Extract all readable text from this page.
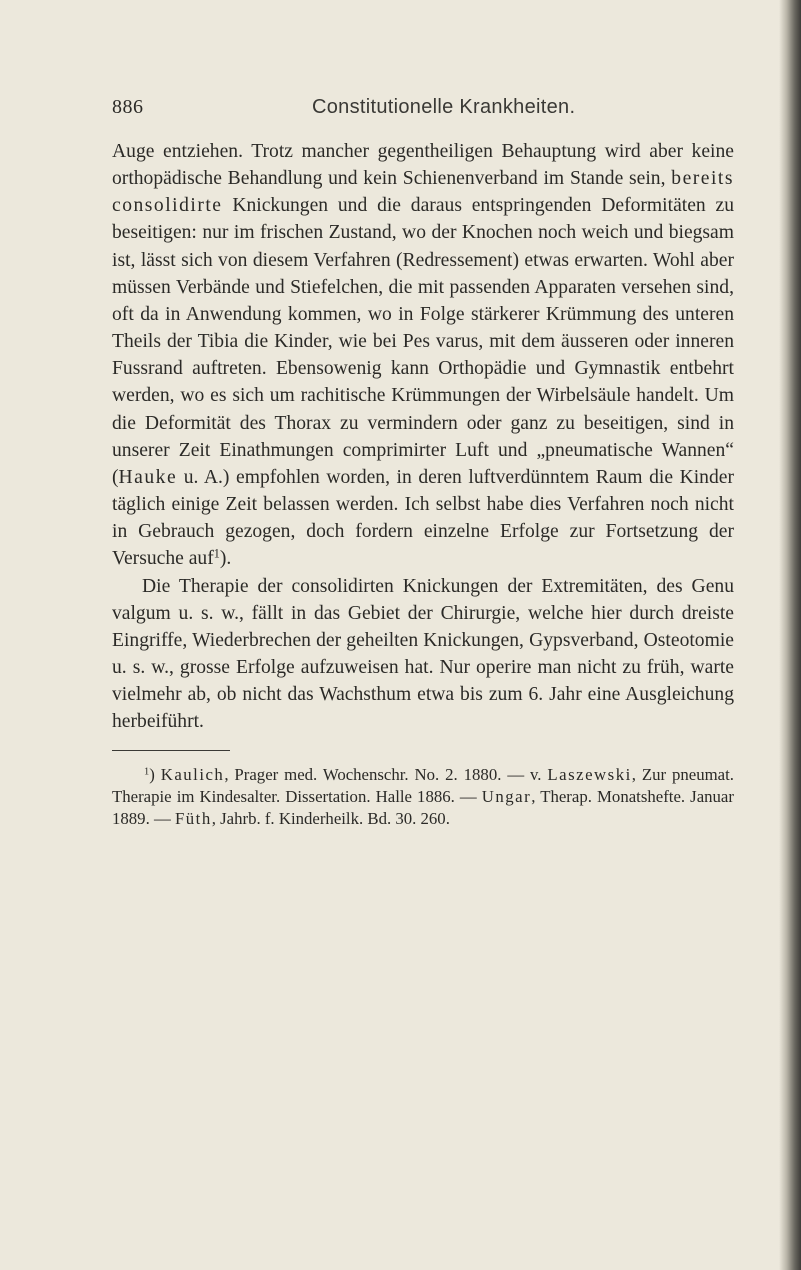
886	Constitutionelle Krankheiten.

Auge entziehen. Trotz mancher gegentheiligen Behauptung wird aber keine orthopädische Behandlung und kein Schienenverband im Stande sein, bereits consolidirte Knickungen und die daraus entspringenden Deformitäten zu beseitigen: nur im frischen Zustand, wo der Knochen noch weich und biegsam ist, lässt sich von diesem Verfahren (Redressement) etwas erwarten. Wohl aber müssen Verbände und Stiefelchen, die mit passenden Apparaten versehen sind, oft da in Anwendung kommen, wo in Folge stärkerer Krümmung des unteren Theils der Tibia die Kinder, wie bei Pes varus, mit dem äusseren oder inneren Fussrand auftreten. Ebensowenig kann Orthopädie und Gymnastik entbehrt werden, wo es sich um rachitische Krümmungen der Wirbelsäule handelt. Um die Deformität des Thorax zu vermindern oder ganz zu beseitigen, sind in unserer Zeit Einathmungen comprimirter Luft und „pneumatische Wannen“ (Hauke u. A.) empfohlen worden, in deren luftverdünntem Raum die Kinder täglich einige Zeit belassen werden. Ich selbst habe dies Verfahren noch nicht in Gebrauch gezogen, doch fordern einzelne Erfolge zur Fortsetzung der Versuche auf$^1$).

Die Therapie der consolidirten Knickungen der Extremitäten, des Genu valgum u. s. w., fällt in das Gebiet der Chirurgie, welche hier durch dreiste Eingriffe, Wiederbrechen der geheilten Knickungen, Gypsverband, Osteotomie u. s. w., grosse Erfolge aufzuweisen hat. Nur operire man nicht zu früh, warte vielmehr ab, ob nicht das Wachsthum etwa bis zum 6. Jahr eine Ausgleichung herbeiführt.

$^1$) Kaulich, Prager med. Wochenschr. No. 2. 1880. — v. Laszewski, Zur pneumat. Therapie im Kindesalter. Dissertation. Halle 1886. — Ungar, Therap. Monatshefte. Januar 1889. — Füth, Jahrb. f. Kinderheilk. Bd. 30. 260.
